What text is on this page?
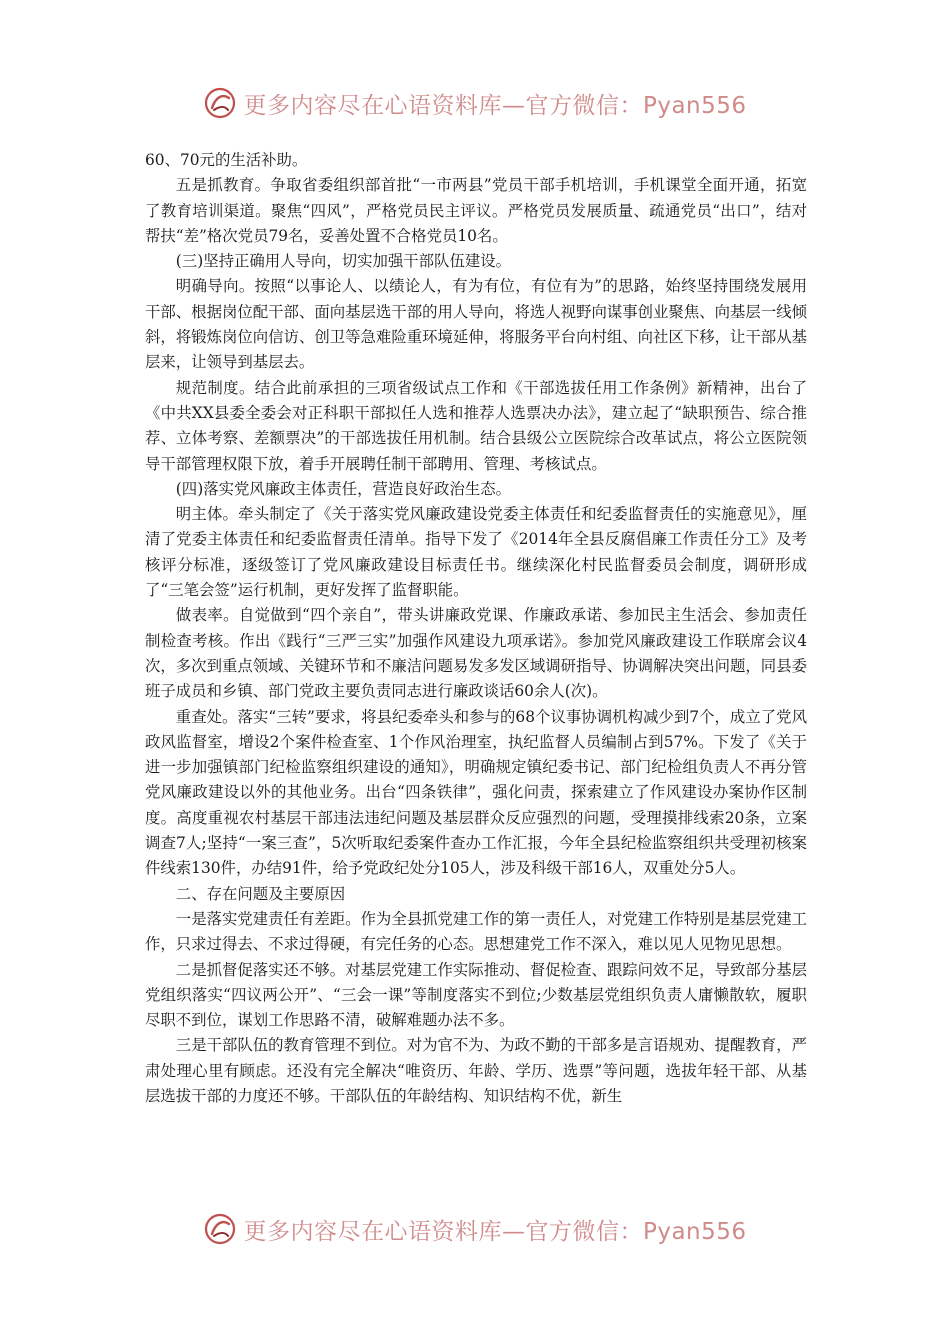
更多内容尽在心语资料库—官方微信：Pyan556

60、70元的生活补助。

五是抓教育。争取省委组织部首批“一市两县”党员干部手机培训，手机课堂全面开通，拓宽了教育培训渠道。聚焦“四风”，严格党员民主评议。严格党员发展质量、疏通党员“出口”，结对帮扶“差”格次党员79名，妥善处置不合格党员10名。

(三)坚持正确用人导向，切实加强干部队伍建设。

明确导向。按照“以事论人、以绩论人，有为有位，有位有为”的思路，始终坚持围绕发展用干部、根据岗位配干部、面向基层选干部的用人导向，将选人视野向谋事创业聚焦、向基层一线倾斜，将锻炼岗位向信访、创卫等急难险重环境延伸，将服务平台向村组、向社区下移，让干部从基层来，让领导到基层去。

规范制度。结合此前承担的三项省级试点工作和《干部选拔任用工作条例》新精神，出台了《中共XX县委全委会对正科职干部拟任人选和推荐人选票决办法》，建立起了“缺职预告、综合推荐、立体考察、差额票决”的干部选拔任用机制。结合县级公立医院综合改革试点，将公立医院领导干部管理权限下放，着手开展聘任制干部聘用、管理、考核试点。

(四)落实党风廉政主体责任，营造良好政治生态。

明主体。牵头制定了《关于落实党风廉政建设党委主体责任和纪委监督责任的实施意见》，厘清了党委主体责任和纪委监督责任清单。指导下发了《2014年全县反腐倡廉工作责任分工》及考核评分标准，逐级签订了党风廉政建设目标责任书。继续深化村民监督委员会制度，调研形成了“三笔会签”运行机制，更好发挥了监督职能。

做表率。自觉做到“四个亲自”，带头讲廉政党课、作廉政承诺、参加民主生活会、参加责任制检查考核。作出《践行“三严三实”加强作风建设九项承诺》。参加党风廉政建设工作联席会议4次，多次到重点领域、关键环节和不廉洁问题易发多发区域调研指导、协调解决突出问题，同县委班子成员和乡镇、部门党政主要负责同志进行廉政谈话60余人(次)。

重查处。落实“三转”要求，将县纪委牵头和参与的68个议事协调机构减少到7个，成立了党风政风监督室，增设2个案件检查室、1个作风治理室，执纪监督人员编制占到57%。下发了《关于进一步加强镇部门纪检监察组织建设的通知》，明确规定镇纪委书记、部门纪检组负责人不再分管党风廉政建设以外的其他业务。出台“四条铁律”，强化问责，探索建立了作风建设办案协作区制度。高度重视农村基层干部违法违纪问题及基层群众反应强烈的问题，受理摸排线索20条，立案调查7人;坚持“一案三查”，5次听取纪委案件查办工作汇报，今年全县纪检监察组织共受理初核案件线索130件，办结91件，给予党政纪处分105人，涉及科级干部16人，双重处分5人。

二、存在问题及主要原因

一是落实党建责任有差距。作为全县抓党建工作的第一责任人，对党建工作特别是基层党建工作，只求过得去、不求过得硬，有完任务的心态。思想建党工作不深入，难以见人见物见思想。

二是抓督促落实还不够。对基层党建工作实际推动、督促检查、跟踪问效不足，导致部分基层党组织落实“四议两公开”、“三会一课”等制度落实不到位;少数基层党组织负责人庸懒散软，履职尽职不到位，谋划工作思路不清，破解难题办法不多。

三是干部队伍的教育管理不到位。对为官不为、为政不勤的干部多是言语规劝、提醒教育，严肃处理心里有顾虑。还没有完全解决“唯资历、年龄、学历、选票”等问题，选拔年轻干部、从基层选拔干部的力度还不够。干部队伍的年龄结构、知识结构不优，新生

更多内容尽在心语资料库—官方微信：Pyan556
